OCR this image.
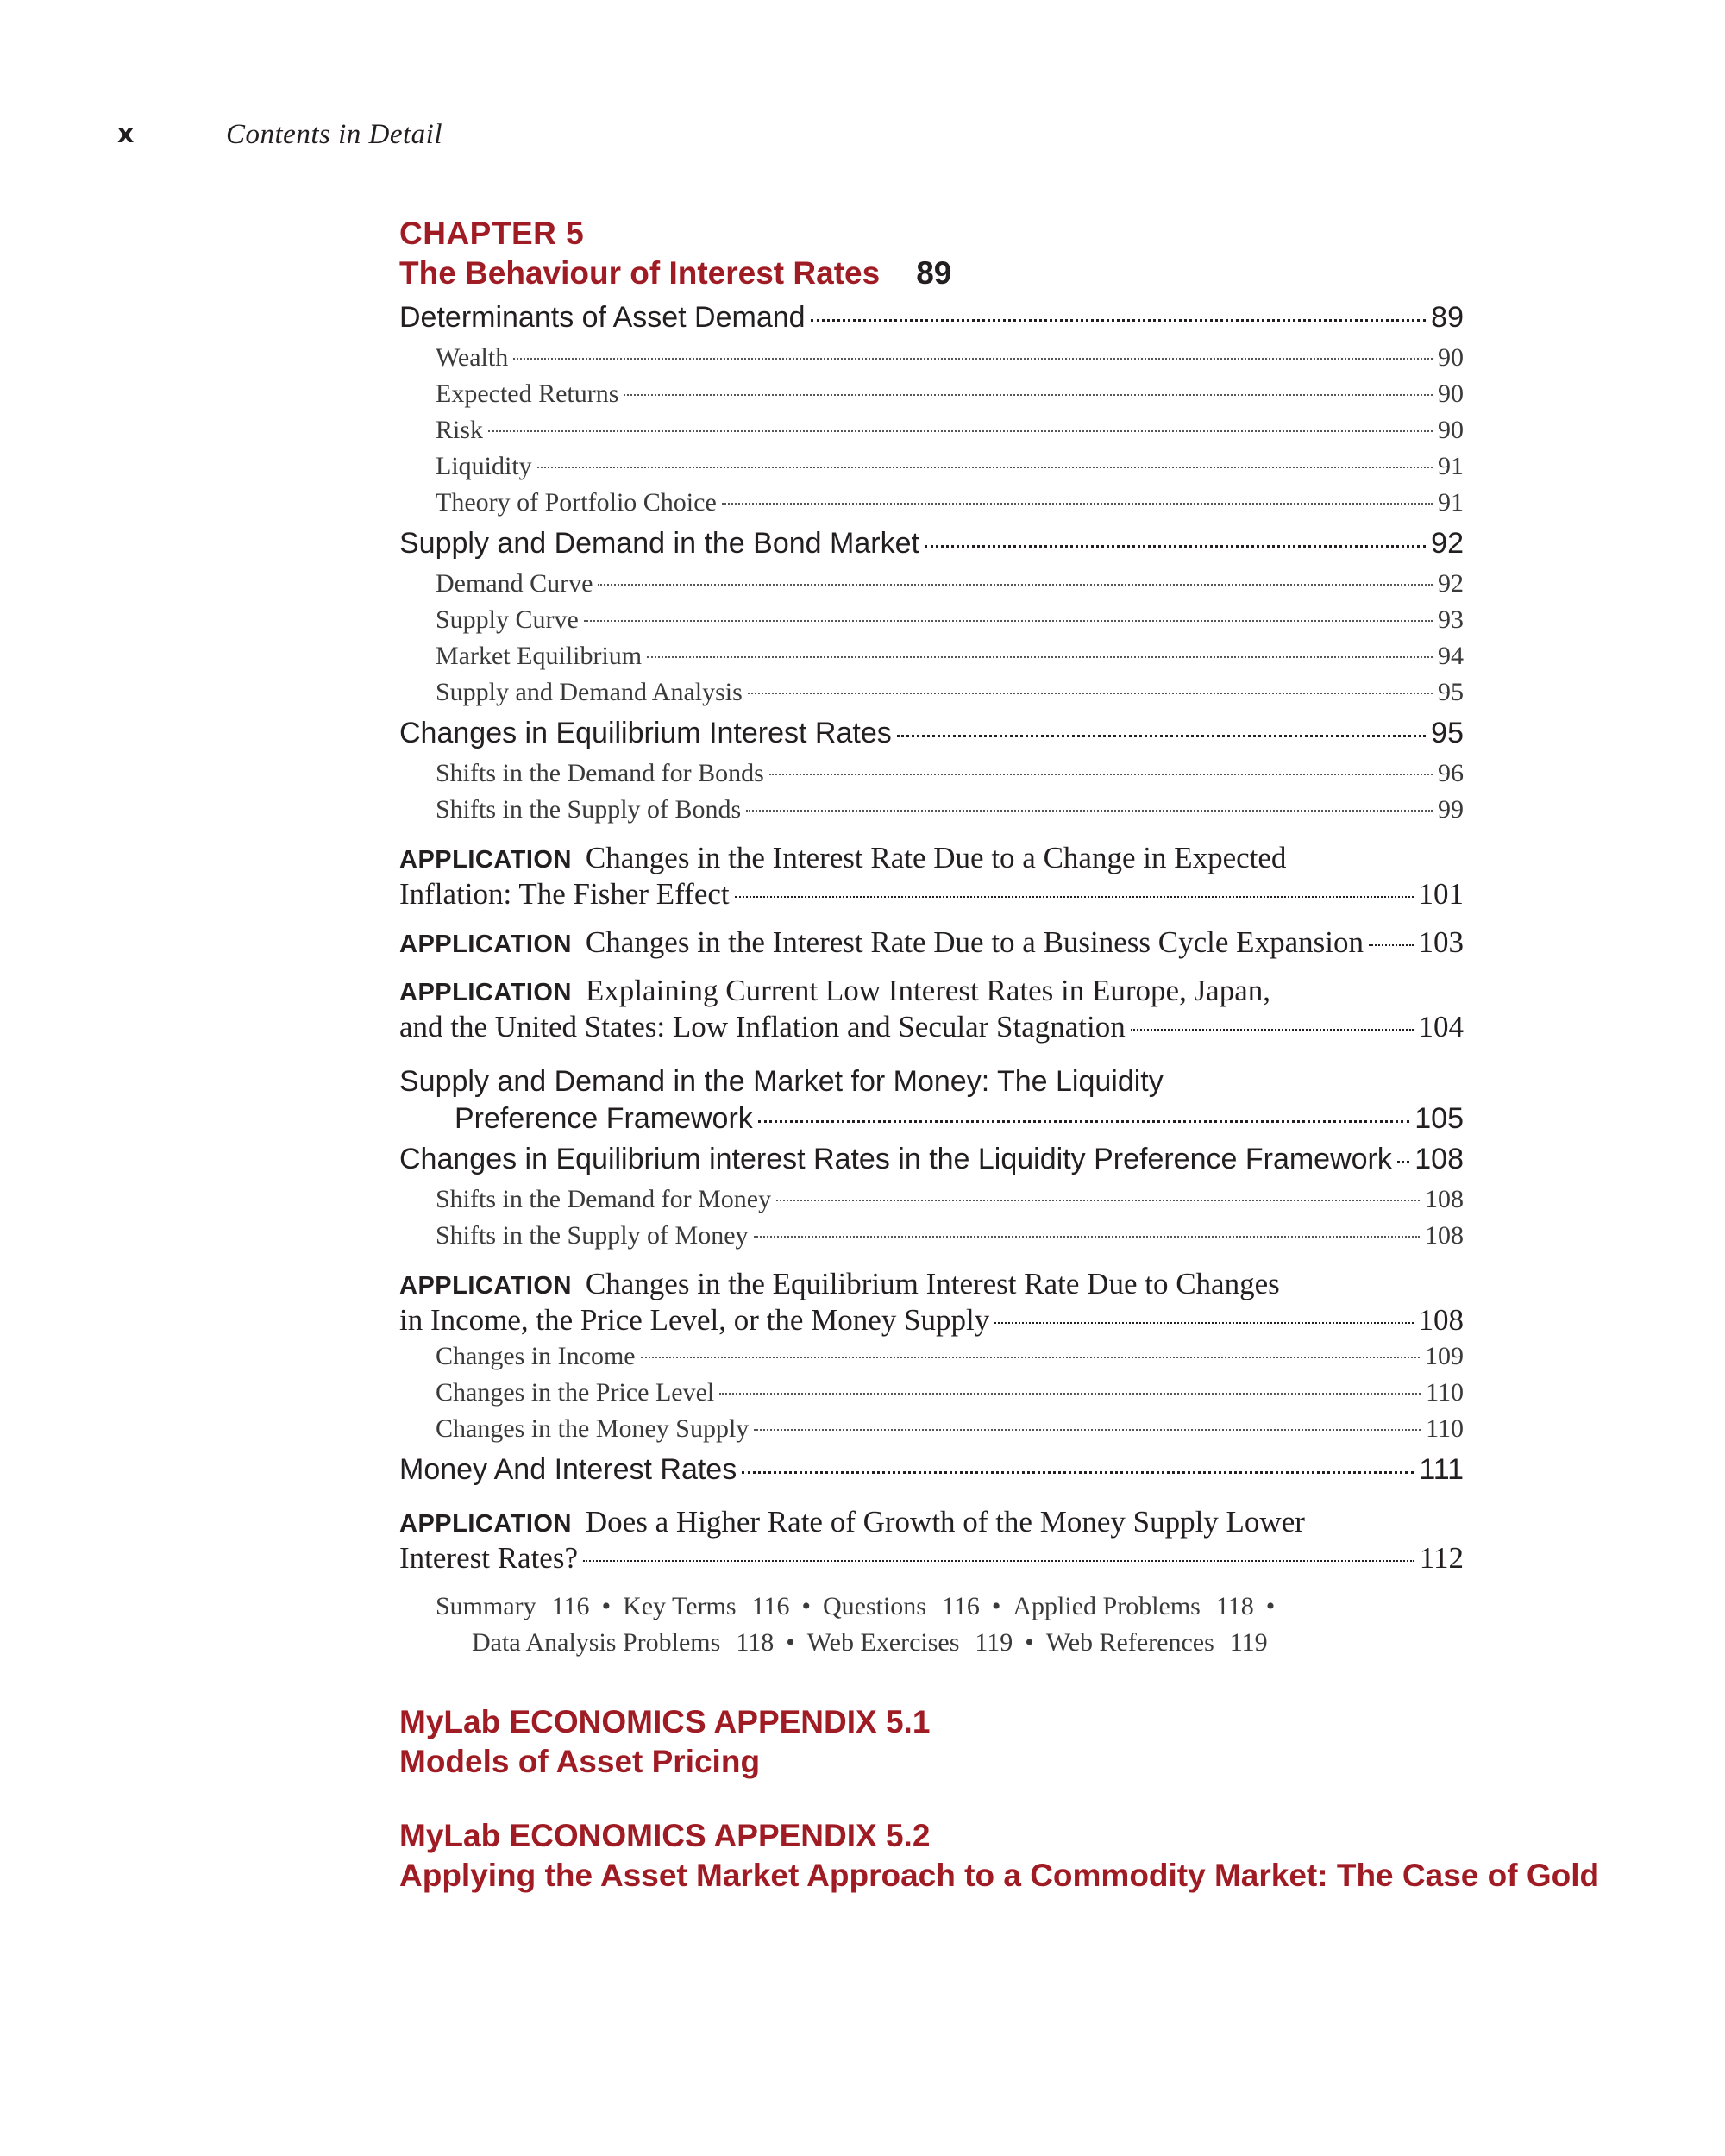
x	Contents in Detail
CHAPTER 5
The Behaviour of Interest Rates 89
Determinants of Asset Demand	89
Wealth	90
Expected Returns	90
Risk	90
Liquidity	91
Theory of Portfolio Choice	91
Supply and Demand in the Bond Market	92
Demand Curve	92
Supply Curve	93
Market Equilibrium	94
Supply and Demand Analysis	95
Changes in Equilibrium Interest Rates	95
Shifts in the Demand for Bonds	96
Shifts in the Supply of Bonds	99
APPLICATION Changes in the Interest Rate Due to a Change in Expected
Inflation: The Fisher Effect	101
APPLICATION Changes in the Interest Rate Due to a Business Cycle Expansion 103
APPLICATION Explaining Current Low Interest Rates in Europe, Japan,
and the United States: Low Inflation and Secular Stagnation	104
Supply and Demand in the Market for Money: The Liquidity
Preference Framework	105
Changes in Equilibrium interest Rates in the Liquidity Preference Framework 108
Shifts in the Demand for Money	108
Shifts in the Supply of Money	108
APPLICATION Changes in the Equilibrium Interest Rate Due to Changes
in Income, the Price Level, or the Money Supply	108
Changes in Income	109
Changes in the Price Level	110
Changes in the Money Supply	110
Money And Interest Rates	111
APPLICATION Does a Higher Rate of Growth of the Money Supply Lower
Interest Rates?	112
Summary 116 • Key Terms 116 • Questions 116 • Applied Problems 118 •
Data Analysis Problems 118 • Web Exercises 119 • Web References 119
MyLab ECONOMICS APPENDIX 5.1
Models of Asset Pricing
MyLab ECONOMICS APPENDIX 5.2
Applying the Asset Market Approach to a Commodity Market: The Case of Gold
